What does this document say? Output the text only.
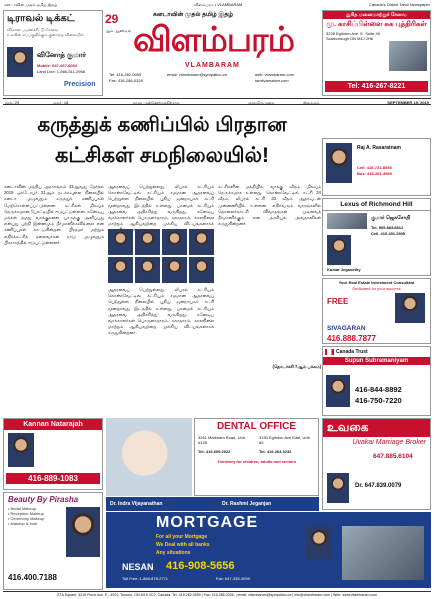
கனடாவின் முதல் தமிழ் இதழ்	விளம்பரம் • VLAMBARAM	Canada's Oldest Tamil Newspaper
டிராவல் டிக்கட்
விமான பயணச்சீட்டு சேவை
உலகின் எப்பகுதிக்கும் குறைந்த விலையில்
வினோத் குமார்
Mobile: 647-667-6054
Land Line: 1-866-511-2966
Precision
29
ஆம் ஆண்டில்
கனடாவின் முதல் தமிழ் இதழ்
விளம்பரம்
VLAMBARAM
Tel: 416-282-0059
Fax: 416-286-0326
email: vilambaram@sympatico.ca	web: vilambaram.com
tamilvarnalam.com
துரித மனைமாற்றுச் சேவை
மு. காசிப்பிள்ளை சுக புத்திரிகள்
3228 Eglinton Ave. E. Suite 49 Scarborough ON M1J 2H6
Tel: 416-267-8221
நூல்: 29	மலர்: 18	சமூக முன்னேற்றத்திற்காக	மாதமிருமுறை	இலவசம்	SEPTEMBER 15, 2019
கருத்துக் கணிப்பில் பிரதான
கட்சிகள் சமநிலையில்!
கனடாவின் மத்திய அரசாங்கம் 43ஆவது தேர்தல் 2019 ஒக்டோபர் 21ஆம் நடக்கவுள்ள நிலையில் கனடா முழுவதும் கருத்துக் கணிப்புகள் மேற்கொள்ளப்பட்டுள்ளன. கட்சிகள் மிகவும் நெருக்கமான போட்டியில் ஈடுபட்டுள்ளன. கனேடிய மக்கள் தமது வாக்குகளை யாருக்கு அளிப்பது என்பது பற்றி இன்னமும் தீர்மானிக்கவில்லை என கணிப்புகள் காட்டுகின்றன. பிரதமர் மற்றும் எதிர்க்கட்சித் தலைவர்கள் நாடு முழுவதும் பிரசாரத்தில் ஈடுபட்டுள்ளனர்.
ஆதரவைப் பெற்றுள்ளது. லிபரல் கட்சியும் கொன்சவேட்டிவ் கட்சியும் சமமான ஆதரவைப் பெற்றுள்ள நிலையில் புதிய ஜனநாயகக் கட்சி மூன்றாவது இடத்தில் உள்ளது. பசுமைக் கட்சியும் ஆதரவை அதிகரித்து வருகிறது. கனேடிய வாக்காளர்கள் பொருளாதாரம், சுகாதாரம், காலநிலை மாற்றம் ஆகியவற்றை முக்கிய விடயங்களாகக்
ஆதரவைப் பெற்றுள்ளது. லிபரல் கட்சியும் கொன்சவேட்டிவ் கட்சியும் சமமான ஆதரவைப் பெற்றுள்ள நிலையில் புதிய ஜனநாயகக் கட்சி மூன்றாவது இடத்தில் உள்ளது. பசுமைக் கட்சியும் ஆதரவை அதிகரித்து வருகிறது. கனேடிய வாக்காளர்கள் பொருளாதாரம், சுகாதாரம், காலநிலை மாற்றம் ஆகியவற்றை முக்கிய விடயங்களாகக் கருதுகின்றனர்.
கட்சிகளின் மத்தியில் வாக்கு வீதம் மிகவும் நெருக்கமாக உள்ளது. கொன்சவேட்டிவ் கட்சி 34 வீதம், லிபரல் கட்சி 33 வீதம் ஆதரவுடன் முன்னணியில் உள்ளன. எதிர்வரும் வாரங்களில் தொலைக்காட்சி விவாதங்கள் முடிவைத் தீர்மானிக்கும் என அரசியல் அவதானிகள் கருதுகின்றனர்.
(தொடர்ச்சி 7ஆம் பக்கம்)
Raj A. Rasaratnam
Cell: 416-721-8055
Bus: 416-261-4969
Lexus of Richmond Hill
குமார் ஜெகசோதி
Tel. 905.883.8812
Cell. 416.451.2905
Kumar Jegasothy
Your Real Estate Investment Consultant
Dedicated for your success
FREE
SIVAGARAN
416.888.7877
Canada Trust
Supun Subramaniyam
416-844-8892
416-750-7220
Kannan Natarajah
416-889-1083
Beauty By Pirasha
• Bridal Makeup
• Reception Makeup
• Ceremony Makeup
• Makeup & Hair
416.400.7188
DENTAL OFFICE
3261 Markham Road, Unit #128
3150 Eglinton Ave East, Unit #5
Tel: 416.609.2022	Tel: 416.264.3232
Dentistry for children, adults and seniors
Dr. Indra Vijayanathan	Dr. Rashmi Jeganjan
உவகை
Uvakai Marriage Broker
647.885.6104
Dr. 647.839.0079
MORTGAGE
For all your Mortgage
We Deal with all banks
Any situations
NESAN 416-908-5656
Toll Free: 1-866-878-2771	Fax: 647-335-3099
GTA Square, 5215 Finch Ave. E., #201, Toronto, ON M1S 0C2, Canada. Tel: 416.282.0059 | Fax: 416.286.0326. | email: vilambaram@sympatico.ca | info@vilambaram.com | Web: www.vilambaram.com
